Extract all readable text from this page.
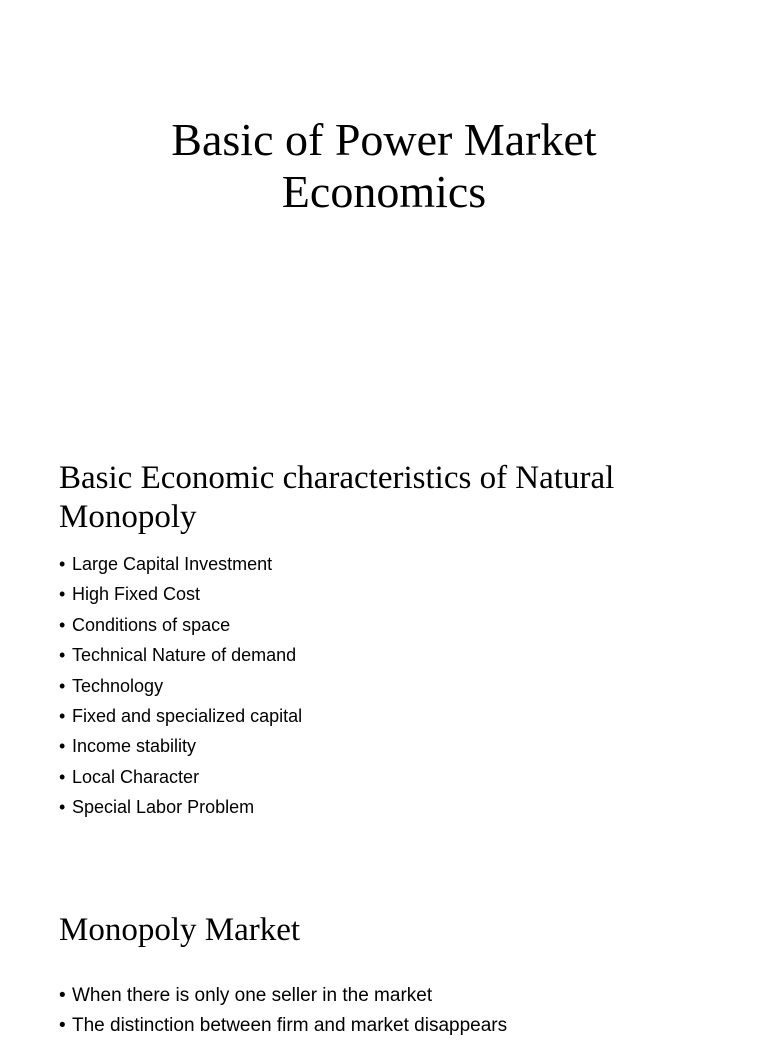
Basic of Power Market
Economics
Basic Economic characteristics of Natural
Monopoly
• Large Capital Investment
• High Fixed Cost
• Conditions of space
• Technical Nature of demand
• Technology
• Fixed and specialized capital
• Income stability
• Local Character
• Special Labor Problem
Monopoly Market
• When there is only one seller in the market
• The distinction between firm and market disappears
